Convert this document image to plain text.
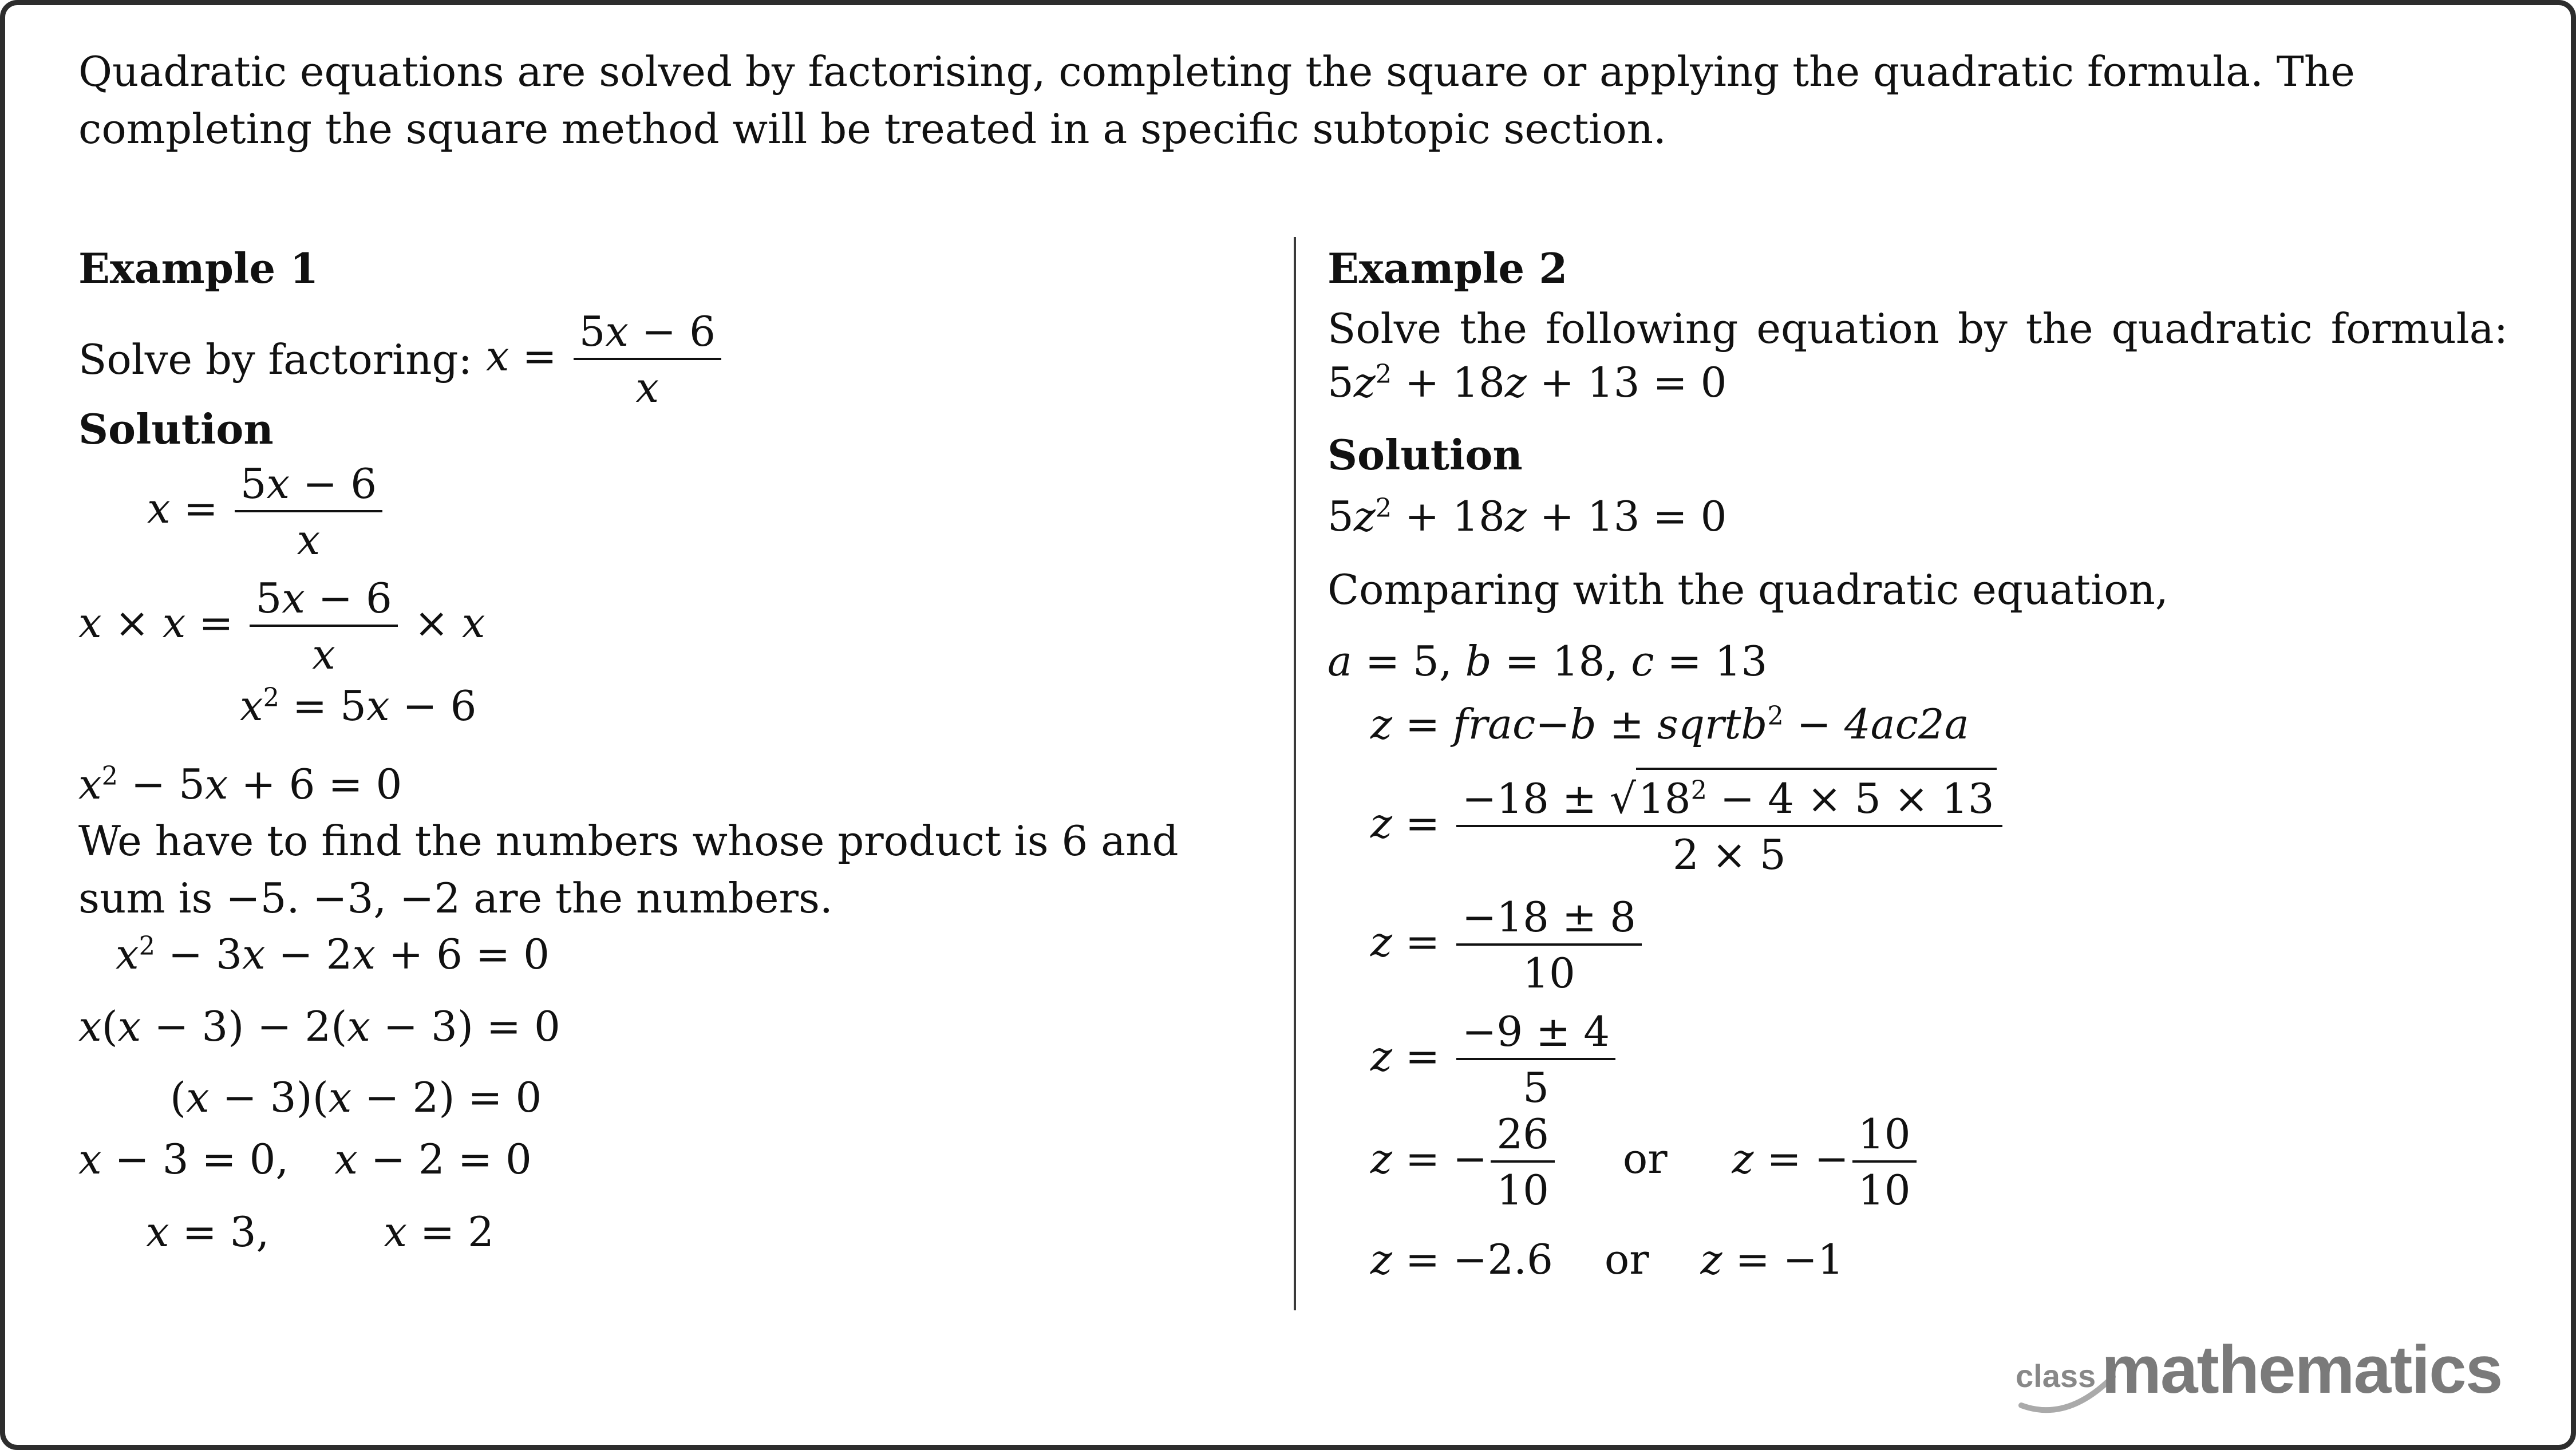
Quadratic equations are solved by factorising, completing the square or applying the quadratic formula. The completing the square method will be treated in a specific subtopic section.
Example 1
Solve by factoring: $x = \frac{5x - 6}{x}$
Solution
$x = \frac{5x - 6}{x}$
$x \times x = \frac{5x - 6}{x} \times x$
$x^2 = 5x - 6$
$x^2 - 5x + 6 = 0$
We have to find the numbers whose product is 6 and sum is −5. −3, −2 are the numbers.
$x^2 - 3x - 2x + 6 = 0$
x(x − 3) − 2(x − 3) = 0
(x − 3)(x − 2) = 0
x − 3 = 0, x − 2 = 0
x = 3,	x = 2
Example 2
Solve the following equation by the quadratic formula:
$5z^2 + 18z + 13 = 0$
Solution
$5z^2 + 18z + 13 = 0$
Comparing with the quadratic equation,
a = 5, b = 18, c = 13
z = frac−b ± sqrtb$^2$ − 4ac2a
$z = \frac{-18 \pm √18^2 - 4 \times 5 \times 13}{2 \times 5}$
$z = \frac{-18 \pm 8}{10}$
$z = \frac{-9 \pm 4}{5}$
z = − $\frac{26}{10}$ or z = − $\frac{10}{10}$
z = −2.6 or z = −1
class mathematics
